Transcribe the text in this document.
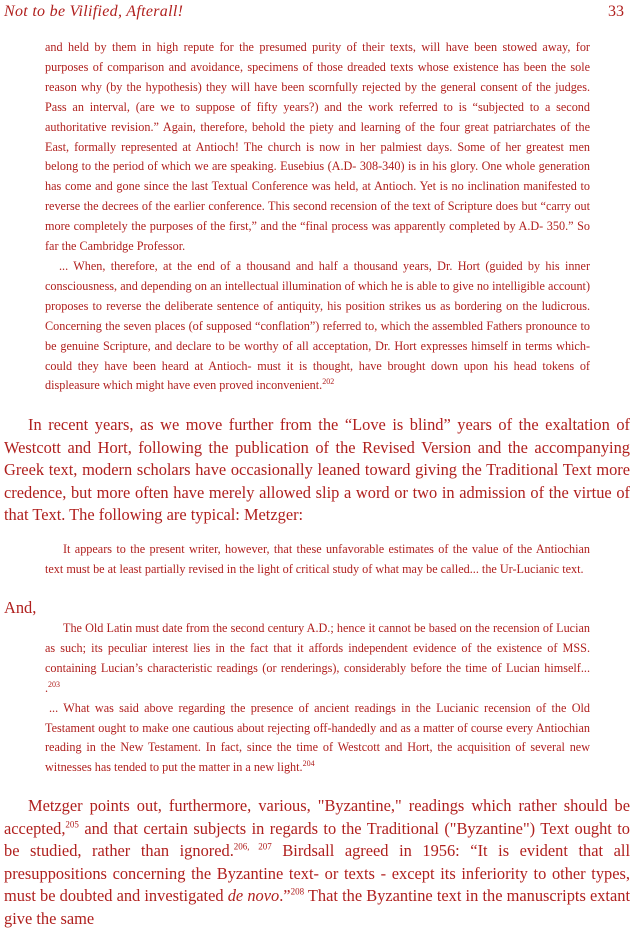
Not to be Vilified, Afterall!	33

and held by them in high repute for the presumed purity of their texts, will have been stowed away, for purposes of comparison and avoidance, specimens of those dreaded texts whose existence has been the sole reason why (by the hypothesis) they will have been scornfully rejected by the general consent of the judges. Pass an interval, (are we to suppose of fifty years?) and the work referred to is “subjected to a second authoritative revision.” Again, therefore, behold the piety and learning of the four great patriarchates of the East, formally represented at Antioch! The church is now in her palmiest days. Some of her greatest men belong to the period of which we are speaking. Eusebius (A.D- 308-340) is in his glory. One whole generation has come and gone since the last Textual Conference was held, at Antioch. Yet is no inclination manifested to reverse the decrees of the earlier conference. This second recension of the text of Scripture does but “carry out more completely the purposes of the first,” and the “final process was apparently completed by A.D- 350.” So far the Cambridge Professor.

... When, therefore, at the end of a thousand and half a thousand years, Dr. Hort (guided by his inner consciousness, and depending on an intellectual illumination of which he is able to give no intelligible account) proposes to reverse the deliberate sentence of antiquity, his position strikes us as bordering on the ludicrous. Concerning the seven places (of supposed “conflation”) referred to, which the assembled Fathers pronounce to be genuine Scripture, and declare to be worthy of all acceptation, Dr. Hort expresses himself in terms which- could they have been heard at Antioch- must it is thought, have brought down upon his head tokens of displeasure which might have even proved inconvenient.$^{202}$

In recent years, as we move further from the “Love is blind” years of the exaltation of Westcott and Hort, following the publication of the Revised Version and the accompanying Greek text, modern scholars have occasionally leaned toward giving the Traditional Text more credence, but more often have merely allowed slip a word or two in admission of the virtue of that Text. The following are typical: Metzger:

It appears to the present writer, however, that these unfavorable estimates of the value of the Antiochian text must be at least partially revised in the light of critical study of what may be called... the Ur-Lucianic text.

And,

The Old Latin must date from the second century A.D.; hence it cannot be based on the recension of Lucian as such; its peculiar interest lies in the fact that it affords independent evidence of the existence of MSS. containing Lucian’s characteristic readings (or renderings), considerably before the time of Lucian himself... .$^{203}$

... What was said above regarding the presence of ancient readings in the Lucianic recension of the Old Testament ought to make one cautious about rejecting off-handedly and as a matter of course every Antiochian reading in the New Testament. In fact, since the time of Westcott and Hort, the acquisition of several new witnesses has tended to put the matter in a new light.$^{204}$

Metzger points out, furthermore, various, "Byzantine," readings which rather should be accepted,$^{205}$ and that certain subjects in regards to the Traditional ("Byzantine") Text ought to be studied, rather than ignored.$^{206, 207}$ Birdsall agreed in 1956: “It is evident that all presuppositions concerning the Byzantine text- or texts - except its inferiority to other types, must be doubted and investigated de novo.”$^{208}$ That the Byzantine text in the manuscripts extant give the same
